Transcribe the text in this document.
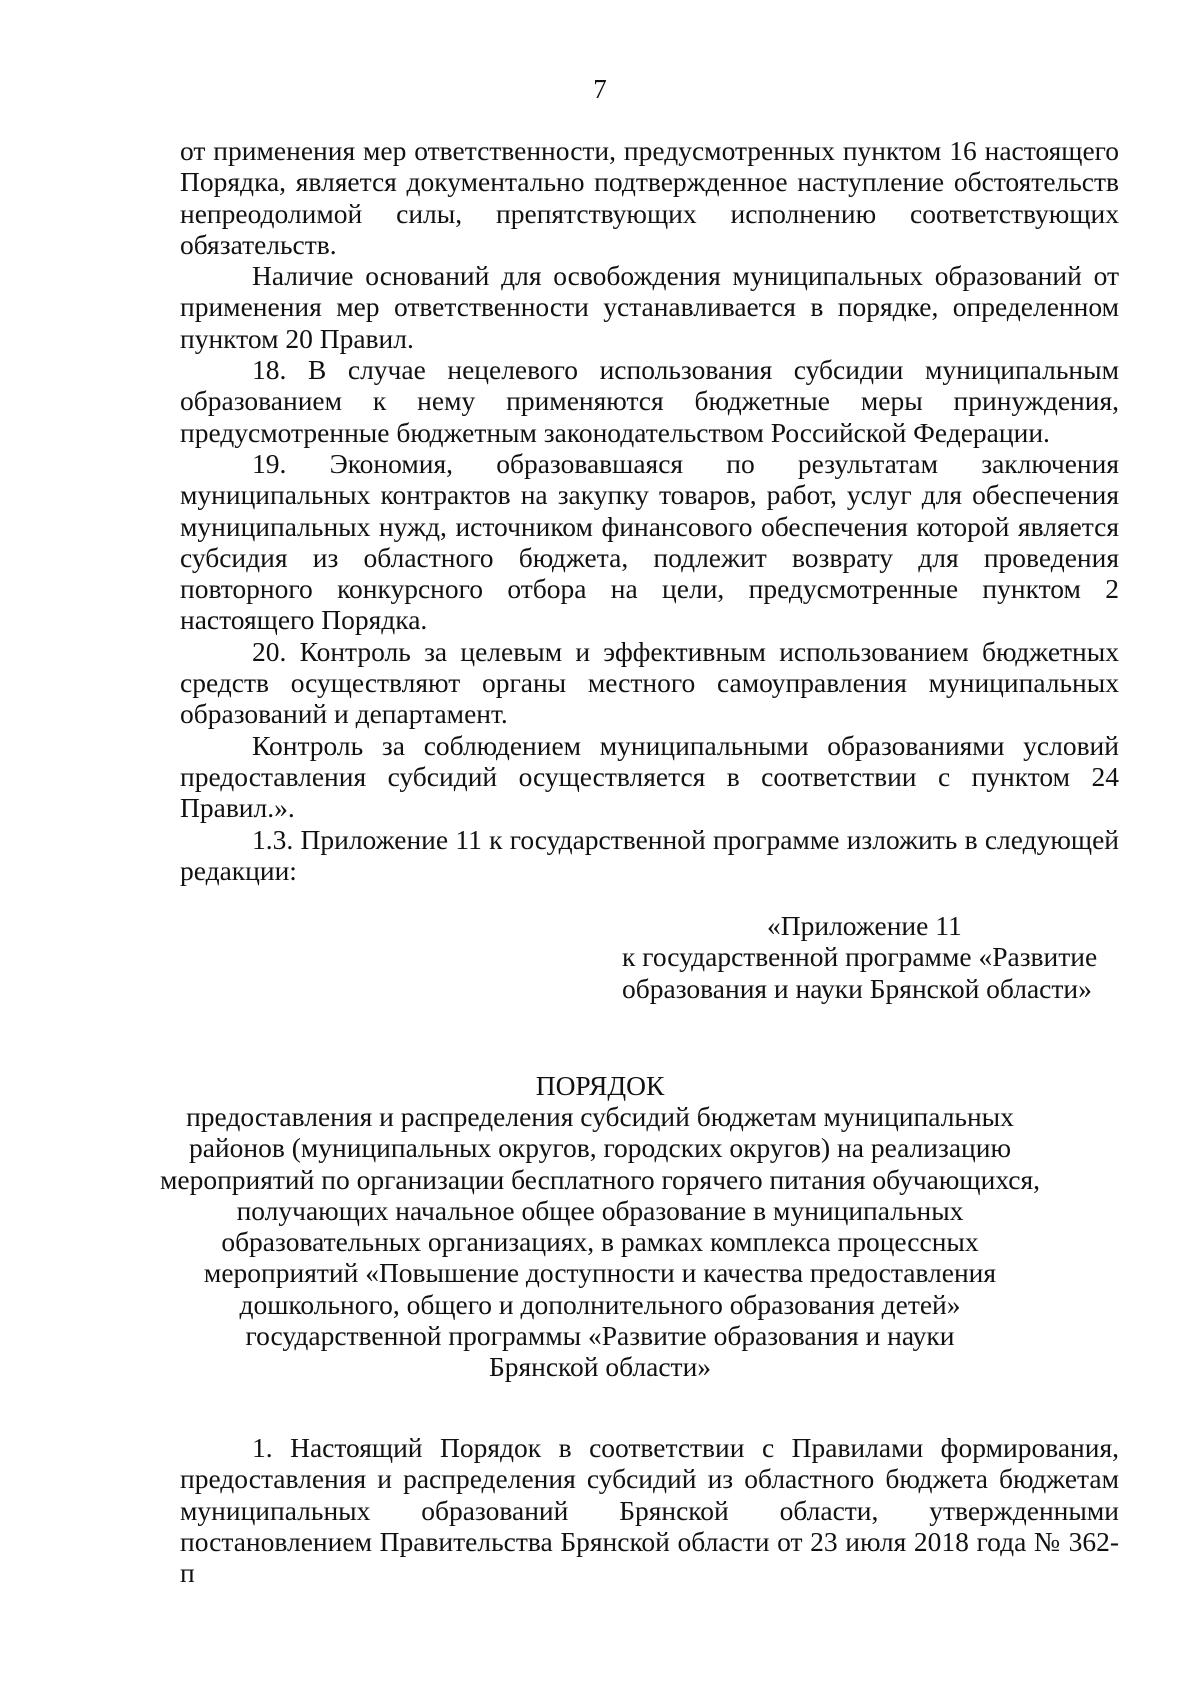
7

от применения мер ответственности, предусмотренных пунктом 16 настоящего Порядка, является документально подтвержденное наступление обстоятельств непреодолимой силы, препятствующих исполнению соответствующих обязательств.

Наличие оснований для освобождения муниципальных образований от применения мер ответственности устанавливается в порядке, определенном пунктом 20 Правил.

18. В случае нецелевого использования субсидии муниципальным образованием к нему применяются бюджетные меры принуждения, предусмотренные бюджетным законодательством Российской Федерации.

19. Экономия, образовавшаяся по результатам заключения муниципальных контрактов на закупку товаров, работ, услуг для обеспечения муниципальных нужд, источником финансового обеспечения которой является субсидия из областного бюджета, подлежит возврату для проведения повторного конкурсного отбора на цели, предусмотренные пунктом 2 настоящего Порядка.

20. Контроль за целевым и эффективным использованием бюджетных средств осуществляют органы местного самоуправления муниципальных образований и департамент.

Контроль за соблюдением муниципальными образованиями условий предоставления субсидий осуществляется в соответствии с пунктом 24 Правил.».

1.3. Приложение 11 к государственной программе изложить в следующей редакции:

«Приложение 11
к государственной программе «Развитие
образования и науки Брянской области»
ПОРЯДОК
предоставления и распределения субсидий бюджетам муниципальных
районов (муниципальных округов, городских округов) на реализацию
мероприятий по организации бесплатного горячего питания обучающихся,
получающих начальное общее образование в муниципальных
образовательных организациях, в рамках комплекса процессных
мероприятий «Повышение доступности и качества предоставления
дошкольного, общего и дополнительного образования детей»
государственной программы «Развитие образования и науки
Брянской области»

1. Настоящий Порядок в соответствии с Правилами формирования, предоставления и распределения субсидий из областного бюджета бюджетам муниципальных образований Брянской области, утвержденными постановлением Правительства Брянской области от 23 июля 2018 года № 362-п
